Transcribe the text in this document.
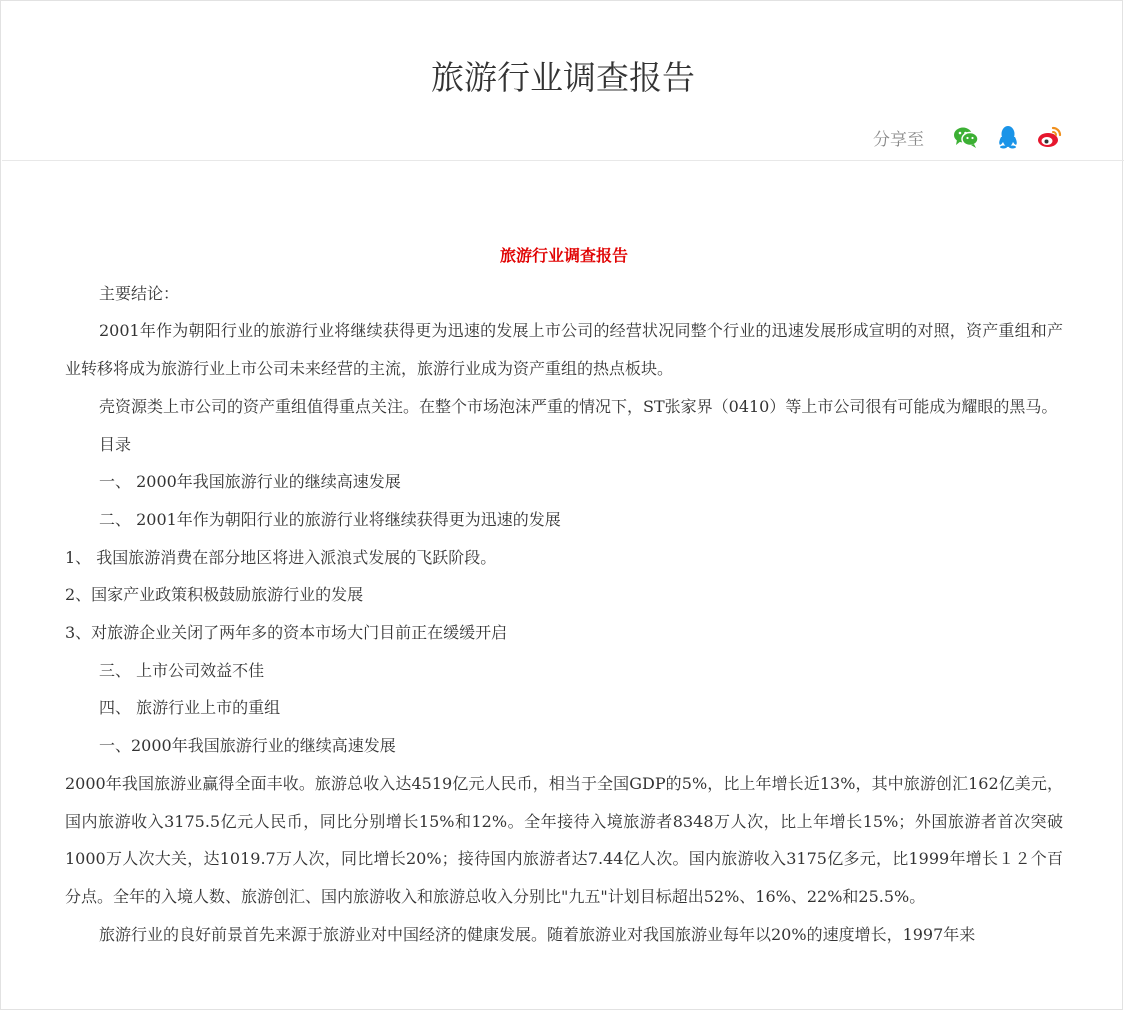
旅游行业调查报告
分享至

旅游行业调查报告

主要结论：

2001年作为朝阳行业的旅游行业将继续获得更为迅速的发展上市公司的经营状况同整个行业的迅速发展形成宣明的对照，资产重组和产业转移将成为旅游行业上市公司未来经营的主流，旅游行业成为资产重组的热点板块。

壳资源类上市公司的资产重组值得重点关注。在整个市场泡沫严重的情况下，ST张家界（0410）等上市公司很有可能成为耀眼的黑马。

目录

一、 2000年我国旅游行业的继续高速发展

二、 2001年作为朝阳行业的旅游行业将继续获得更为迅速的发展

1、 我国旅游消费在部分地区将进入派浪式发展的飞跃阶段。

2、国家产业政策积极鼓励旅游行业的发展

3、对旅游企业关闭了两年多的资本市场大门目前正在缓缓开启

三、 上市公司效益不佳

四、 旅游行业上市的重组

一、2000年我国旅游行业的继续高速发展

2000年我国旅游业赢得全面丰收。旅游总收入达4519亿元人民币，相当于全国GDP的5%，比上年增长近13%，其中旅游创汇162亿美元，国内旅游收入3175.5亿元人民币，同比分别增长15%和12%。全年接待入境旅游者8348万人次，比上年增长15%；外国旅游者首次突破1000万人次大关，达1019.7万人次，同比增长20%；接待国内旅游者达7.44亿人次。国内旅游收入3175亿多元，比1999年增长１２个百分点。全年的入境人数、旅游创汇、国内旅游收入和旅游总收入分别比"九五"计划目标超出52%、16%、22%和25.5%。

旅游行业的良好前景首先来源于旅游业对中国经济的健康发展。随着旅游业对我国旅游业每年以20%的速度增长，1997年来
